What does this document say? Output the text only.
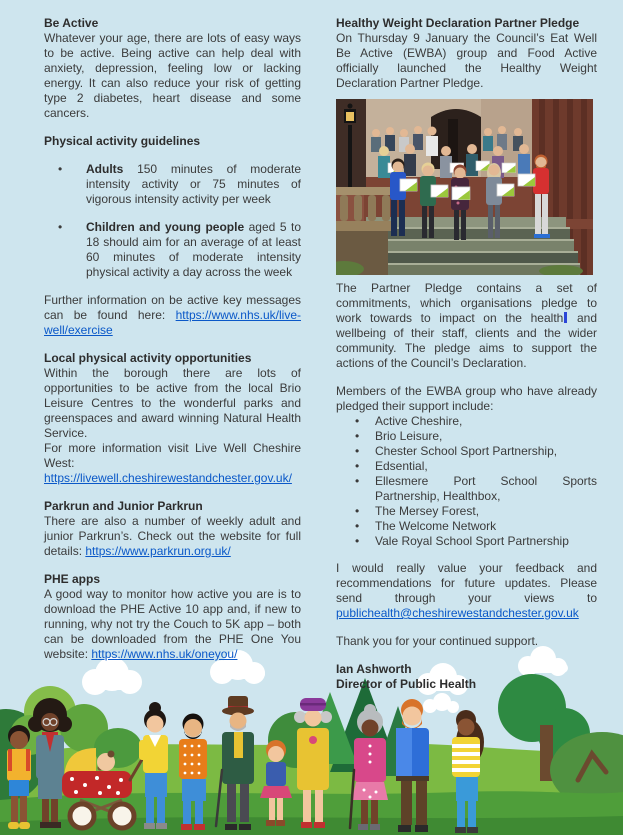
Be Active

Whatever your age, there are lots of easy ways to be active. Being active can help deal with anxiety, depression, feeling low or lacking energy. It can also reduce your risk of getting type 2 diabetes, heart disease and some cancers.

Physical activity guidelines

• Adults 150 minutes of moderate intensity activity or 75 minutes of vigorous intensity activity per week
• Children and young people aged 5 to 18 should aim for an average of at least 60 minutes of moderate intensity physical activity a day across the week

Further information on be active key messages can be found here: https://www.nhs.uk/live-well/exercise

Local physical activity opportunities

Within the borough there are lots of opportunities to be active from the local Brio Leisure Centres to the wonderful parks and greenspaces and award winning Natural Health Service.

For more information visit Live Well Cheshire West:

https://livewell.cheshirewestandchester.gov.uk/

Parkrun and Junior Parkrun

There are also a number of weekly adult and junior Parkrun’s. Check out the website for full details: https://www.parkrun.org.uk/

PHE apps

A good way to monitor how active you are is to download the PHE Active 10 app and, if new to running, why not try the Couch to 5K app – both can be downloaded from the PHE One You website: https://www.nhs.uk/oneyou/

Healthy Weight Declaration Partner Pledge

On Thursday 9 January the Council’s Eat Well Be Active (EWBA) group and Food Active officially launched the Healthy Weight Declaration Partner Pledge.

The Partner Pledge contains a set of commitments, which organisations pledge to work towards to impact on the health and wellbeing of their staff, clients and the wider community. The pledge aims to support the actions of the Council’s Declaration.

Members of the EWBA group who have already pledged their support include:

• Active Cheshire,
• Brio Leisure,
• Chester School Sport Partnership,
• Edsential,
• Ellesmere Port School Sports Partnership, Healthbox,
• The Mersey Forest,
• The Welcome Network
• Vale Royal School Sport Partnership

I would really value your feedback and recommendations for future updates. Please send through your views to publichealth@cheshirewestandchester.gov.uk

Thank you for your continued support.

Ian Ashworth
Director of Public Health
